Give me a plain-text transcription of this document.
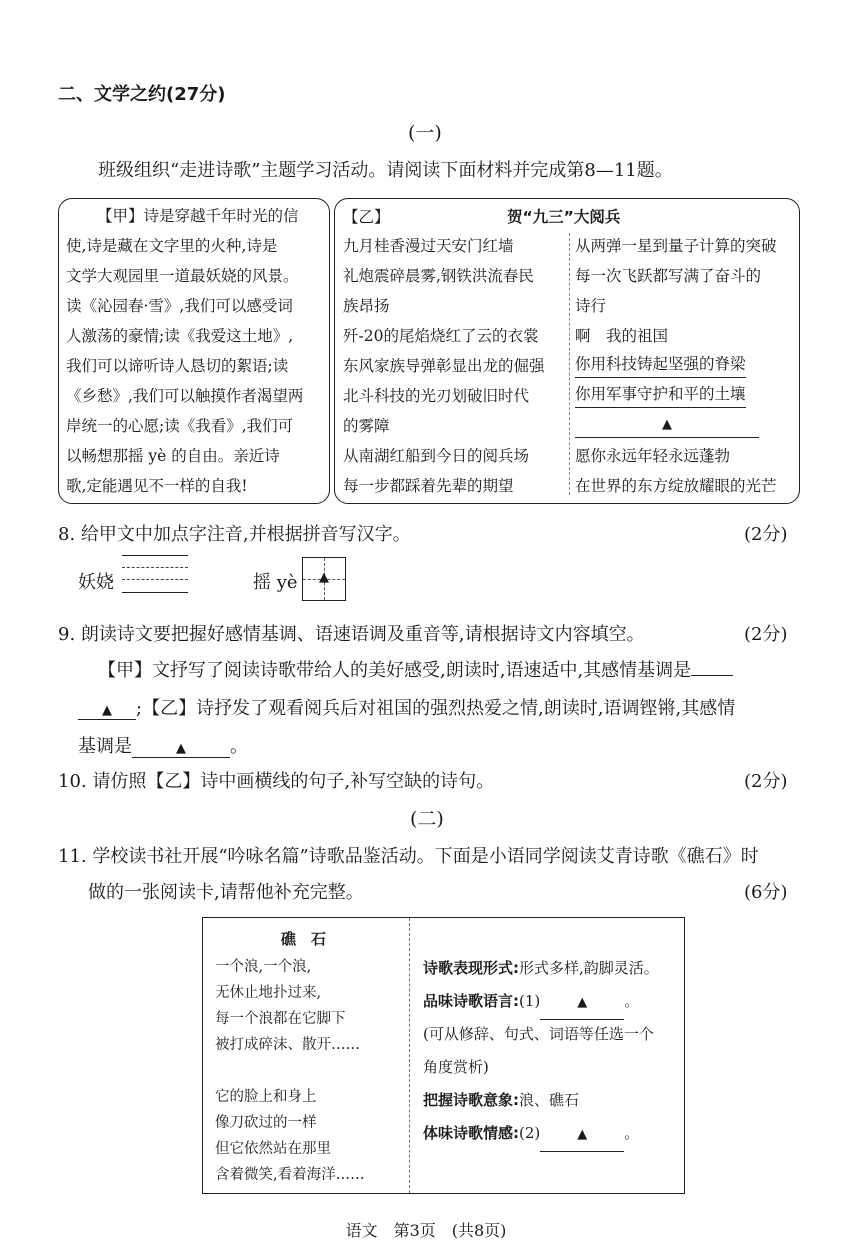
二、文学之约(27分)
(一)
班级组织“走进诗歌”主题学习活动。请阅读下面材料并完成第8—11题。
【甲】诗是穿越千年时光的信
使,诗是藏在文字里的火种,诗是
文学大观园里一道最妖娆的风景。
读《沁园春·雪》,我们可以感受词
人激荡的豪情;读《我爱这土地》,
我们可以谛听诗人恳切的絮语;读
《乡愁》,我们可以触摸作者渴望两
岸统一的心愿;读《我看》,我们可
以畅想那摇 yè 的自由。亲近诗
歌,定能遇见不一样的自我!
【乙】	贺“九三”大阅兵
九月桂香漫过天安门红墙
礼炮震碎晨雾,钢铁洪流春民
族昂扬
歼-20的尾焰烧红了云的衣裳
东风家族导弹彰显出龙的倔强
北斗科技的光刃划破旧时代
的雾障
从南湖红船到今日的阅兵场
每一步都踩着先辈的期望
从两弹一星到量子计算的突破
每一次飞跃都写满了奋斗的
诗行
啊　我的祖国
你用科技铸起坚强的脊梁
你用军事守护和平的土壤
▲
愿你永远年轻永远蓬勃
在世界的东方绽放耀眼的光芒
8. 给甲文中加点字注音,并根据拼音写汉字。	(2分)
妖娆	摇 yè	▲
9. 朗读诗文要把握好感情基调、语速语调及重音等,请根据诗文内容填空。	(2分)
【甲】文抒写了阅读诗歌带给人的美好感受,朗读时,语速适中,其感情基调是
▲ ;【乙】诗抒发了观看阅兵后对祖国的强烈热爱之情,朗读时,语调铿锵,其感情
基调是	▲ 。
10. 请仿照【乙】诗中画横线的句子,补写空缺的诗句。	(2分)
(二)
11. 学校读书社开展“吟咏名篇”诗歌品鉴活动。下面是小语同学阅读艾青诗歌《礁石》时
做的一张阅读卡,请帮他补充完整。	(6分)
礁　石
一个浪,一个浪,
无休止地扑过来,
每一个浪都在它脚下
被打成碎沫、散开……
它的脸上和身上
像刀砍过的一样
但它依然站在那里
含着微笑,看着海洋……
诗歌表现形式:形式多样,韵脚灵活。
品味诗歌语言:(1)	▲ 。
(可从修辞、句式、词语等任选一个
角度赏析)
把握诗歌意象:浪、礁石
体味诗歌情感:(2)	▲ 。
语文　第3页　(共8页)
